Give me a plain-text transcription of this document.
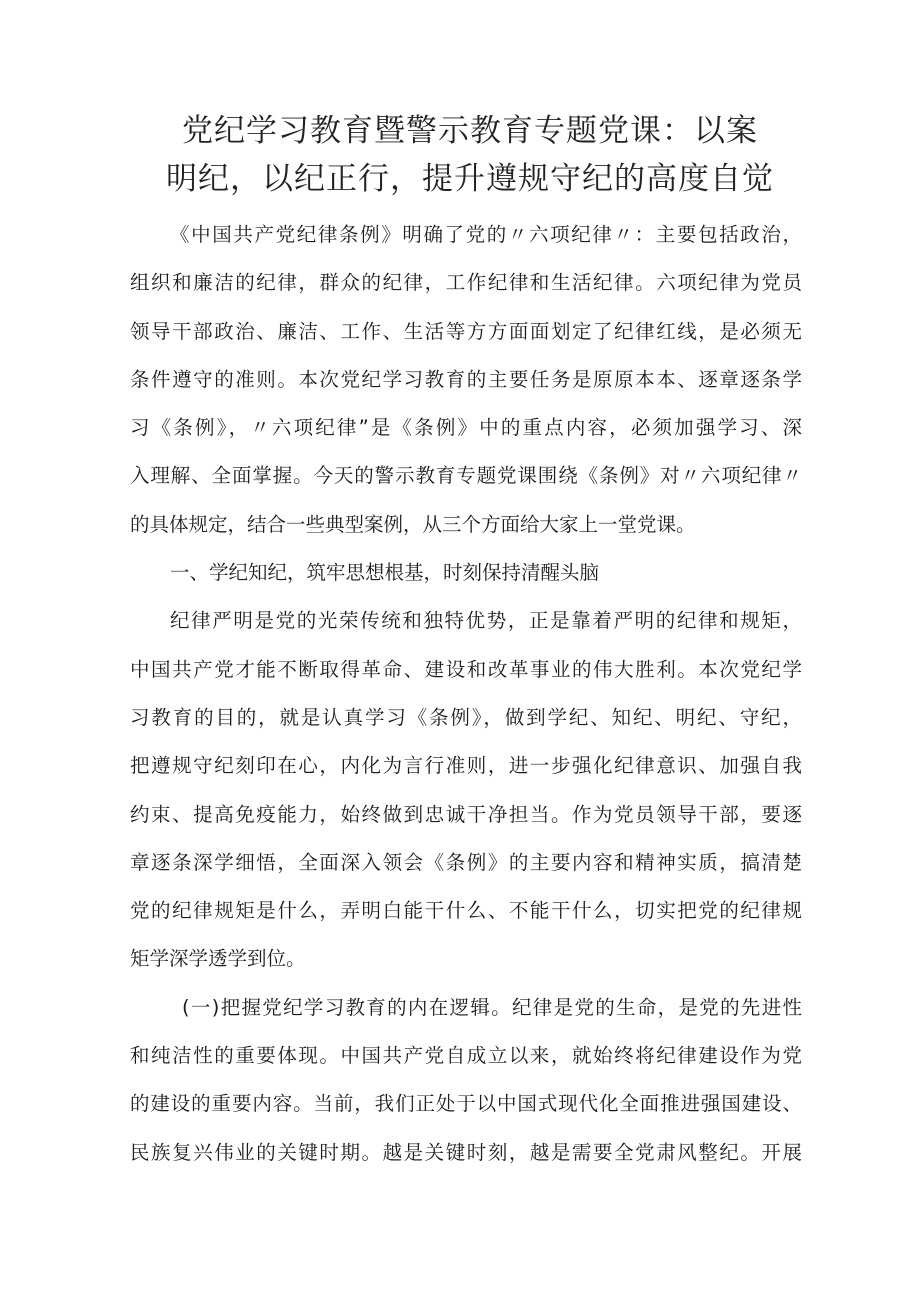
党纪学习教育暨警示教育专题党课：以案
明纪，以纪正行，提升遵规守纪的高度自觉
《中国共产党纪律条例》明确了党的〃六项纪律〃：主要包括政治，
组织和廉洁的纪律，群众的纪律，工作纪律和生活纪律。六项纪律为党员
领导干部政治、廉洁、工作、生活等方方面面划定了纪律红线，是必须无
条件遵守的准则。本次党纪学习教育的主要任务是原原本本、逐章逐条学
习《条例》，〃六项纪律”是《条例》中的重点内容，必须加强学习、深
入理解、全面掌握。今天的警示教育专题党课围绕《条例》对〃六项纪律〃
的具体规定，结合一些典型案例，从三个方面给大家上一堂党课。
一、学纪知纪，筑牢思想根基，时刻保持清醒头脑
纪律严明是党的光荣传统和独特优势，正是靠着严明的纪律和规矩，
中国共产党才能不断取得革命、建设和改革事业的伟大胜利。本次党纪学
习教育的目的，就是认真学习《条例》，做到学纪、知纪、明纪、守纪，
把遵规守纪刻印在心，内化为言行准则，进一步强化纪律意识、加强自我
约束、提高免疫能力，始终做到忠诚干净担当。作为党员领导干部，要逐
章逐条深学细悟，全面深入领会《条例》的主要内容和精神实质，搞清楚
党的纪律规矩是什么，弄明白能干什么、不能干什么，切实把党的纪律规
矩学深学透学到位。
(一)把握党纪学习教育的内在逻辑。纪律是党的生命，是党的先进性
和纯洁性的重要体现。中国共产党自成立以来，就始终将纪律建设作为党
的建设的重要内容。当前，我们正处于以中国式现代化全面推进强国建设、
民族复兴伟业的关键时期。越是关键时刻，越是需要全党肃风整纪。开展
